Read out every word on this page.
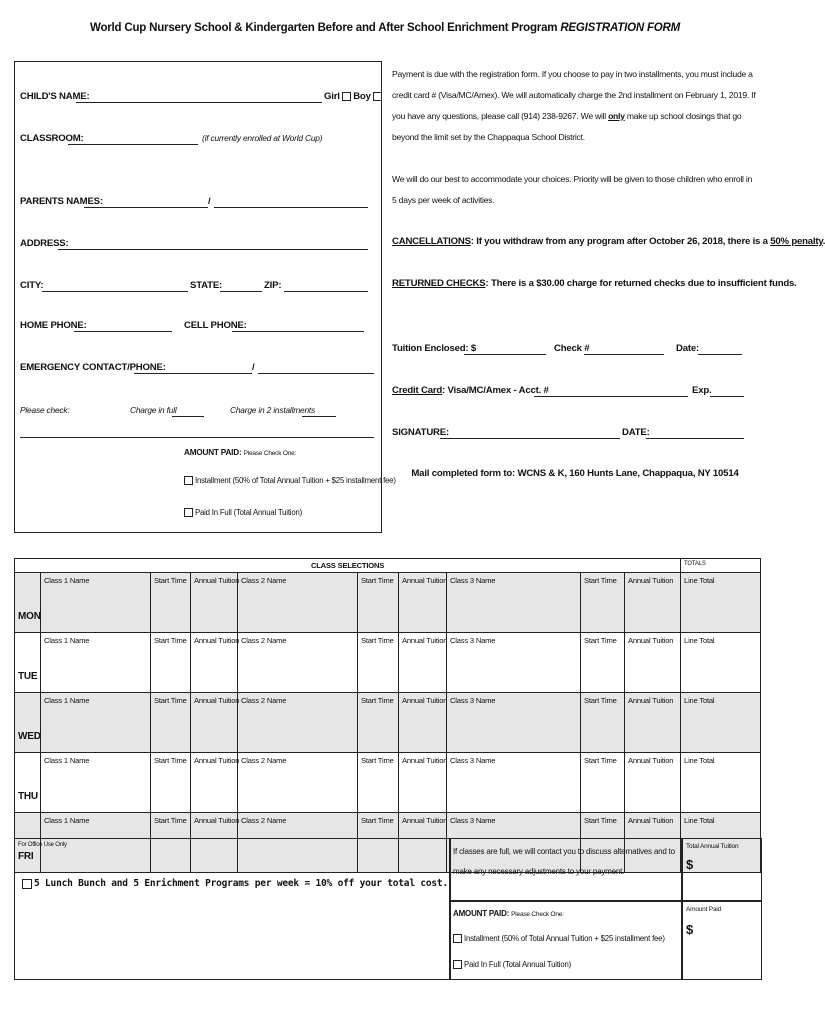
World Cup Nursery School & Kindergarten Before and After School Enrichment Program REGISTRATION FORM
CHILD'S NAME:	Girl Boy
CLASSROOM:	(if currently enrolled at World Cup)
PARENTS NAMES:	/
ADDRESS:
CITY:	STATE:	ZIP:
HOME PHONE:	CELL PHONE:
EMERGENCY CONTACT/PHONE:	/
Please check:	Charge in full	Charge in 2 installments
AMOUNT PAID: Please Check One:
Installment (50% of Total Annual Tuition + $25 installment fee)
Paid In Full (Total Annual Tuition)
Payment is due with the registration form. If you choose to pay in two installments, you must include a credit card # (Visa/MC/Amex). We will automatically charge the 2nd installment on February 1, 2019. If you have any questions, please call (914) 238-9267. We will only make up school closings that go beyond the limit set by the Chappaqua School District.
We will do our best to accommodate your choices. Priority will be given to those children who enroll in 5 days per week of activities.
CANCELLATIONS: If you withdraw from any program after October 26, 2018, there is a 50% penalty
RETURNED CHECKS: There is a $30.00 charge for returned checks due to insufficient funds.
Tuition Enclosed: $	Check #	Date:
Credit Card: Visa/MC/Amex - Acct. #	Exp.
SIGNATURE:	DATE:
Mail completed form to: WCNS & K, 160 Hunts Lane, Chappaqua, NY 10514
CLASS SELECTIONS										TOTALS
MON	Class 1 Name	Start Time	Annual Tuition	Class 2 Name	Start Time	Annual Tuition	Class 3 Name	Start Time	Annual Tuition	Line Total
TUE	Class 1 Name	Start Time	Annual Tuition	Class 2 Name	Start Time	Annual Tuition	Class 3 Name	Start Time	Annual Tuition	Line Total
WED	Class 1 Name	Start Time	Annual Tuition	Class 2 Name	Start Time	Annual Tuition	Class 3 Name	Start Time	Annual Tuition	Line Total
THU	Class 1 Name	Start Time	Annual Tuition	Class 2 Name	Start Time	Annual Tuition	Class 3 Name	Start Time	Annual Tuition	Line Total
FRI	Class 1 Name	Start Time	Annual Tuition	Class 2 Name	Start Time	Annual Tuition	Class 3 Name	Start Time	Annual Tuition	Line Total
For Office Use Only
5 Lunch Bunch and 5 Enrichment Programs per week = 10% off your total cost.
If classes are full, we will contact you to discuss alternatives and to make any necessary adjustments to your payment.
Total Annual Tuition
$
AMOUNT PAID: Please Check One:
Installment (50% of Total Annual Tuition + $25 installment fee)
Paid In Full (Total Annual Tuition)
Amount Paid
$
